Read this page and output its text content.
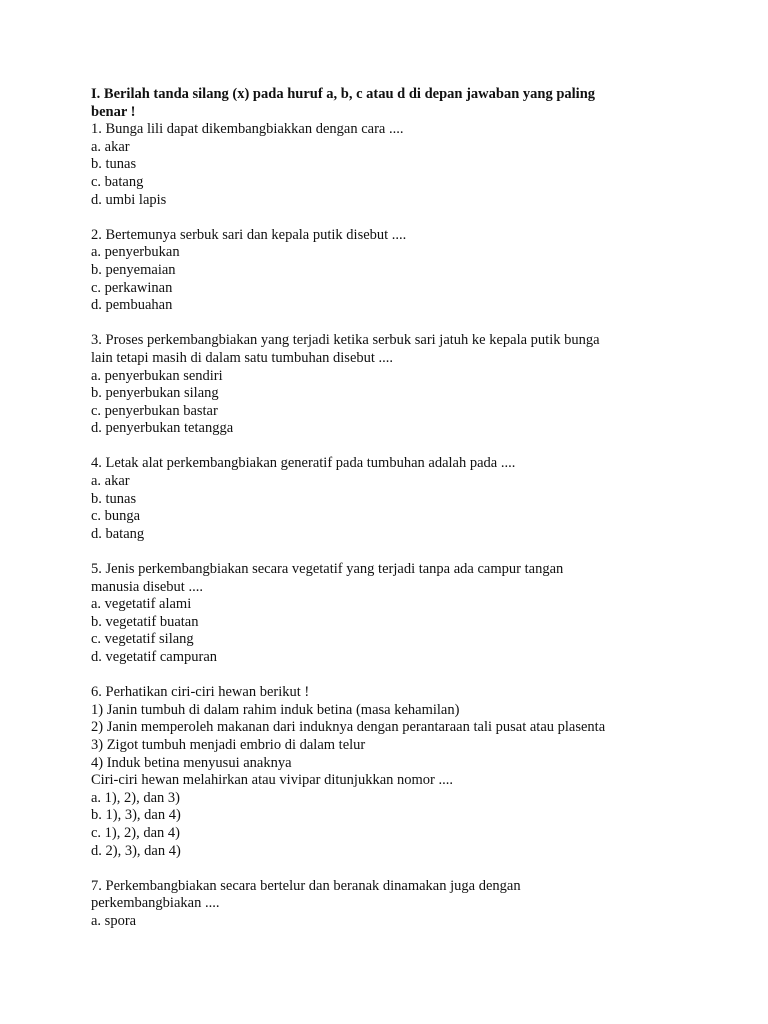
I. Berilah tanda silang (x) pada huruf a, b, c atau d di depan jawaban yang paling
benar !
1. Bunga lili dapat dikembangbiakkan dengan cara ....
a. akar
b. tunas
c. batang
d. umbi lapis
2. Bertemunya serbuk sari dan kepala putik disebut ....
a. penyerbukan
b. penyemaian
c. perkawinan
d. pembuahan
3. Proses perkembangbiakan yang terjadi ketika serbuk sari jatuh ke kepala putik bunga
lain tetapi masih di dalam satu tumbuhan disebut ....
a. penyerbukan sendiri
b. penyerbukan silang
c. penyerbukan bastar
d. penyerbukan tetangga
4. Letak alat perkembangbiakan generatif pada tumbuhan adalah pada ....
a. akar
b. tunas
c. bunga
d. batang
5. Jenis perkembangbiakan secara vegetatif yang terjadi tanpa ada campur tangan
manusia disebut ....
a. vegetatif alami
b. vegetatif buatan
c. vegetatif silang
d. vegetatif campuran
6. Perhatikan ciri-ciri hewan berikut !
1) Janin tumbuh di dalam rahim induk betina (masa kehamilan)
2) Janin memperoleh makanan dari induknya dengan perantaraan tali pusat atau plasenta
3) Zigot tumbuh menjadi embrio di dalam telur
4) Induk betina menyusui anaknya
Ciri-ciri hewan melahirkan atau vivipar ditunjukkan nomor ....
a. 1), 2), dan 3)
b. 1), 3), dan 4)
c. 1), 2), dan 4)
d. 2), 3), dan 4)
7. Perkembangbiakan secara bertelur dan beranak dinamakan juga dengan
perkembangbiakan ....
a. spora
